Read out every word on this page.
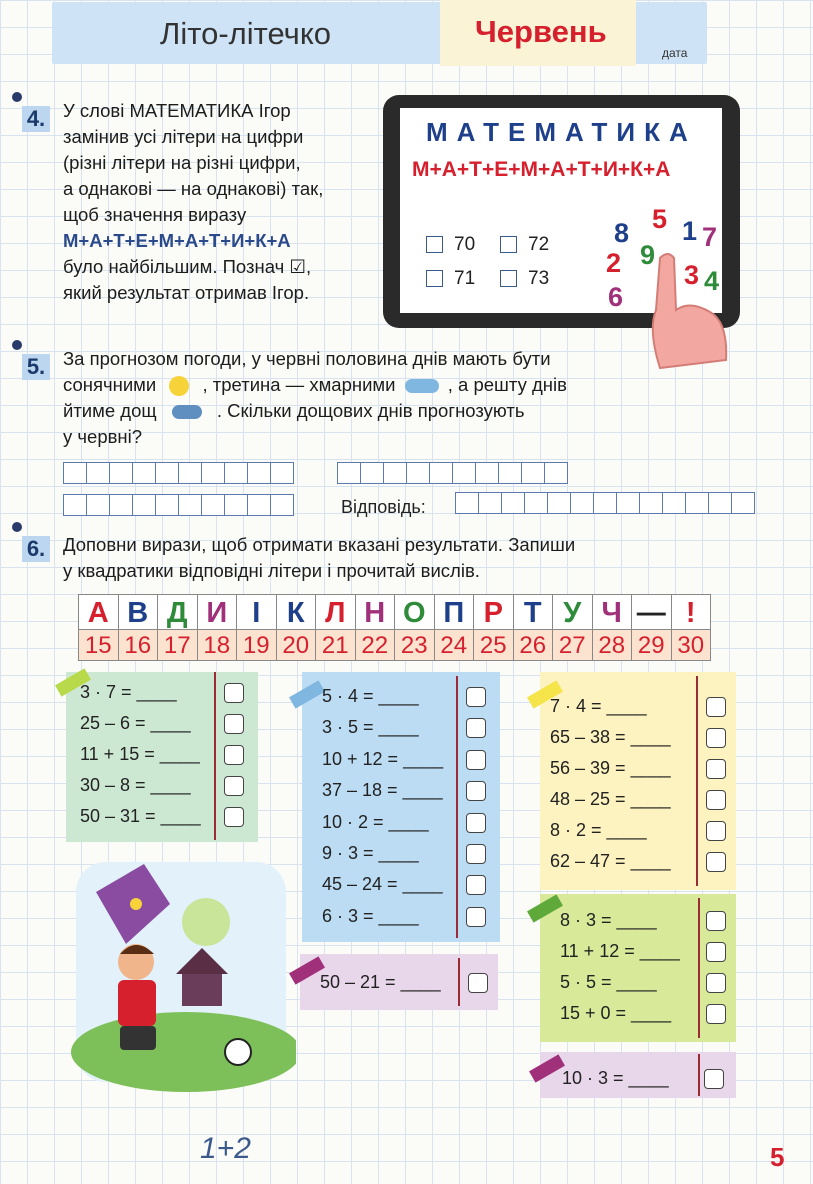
Літо-літечко	Червень
дата
4. У слові МАТЕМАТИКА Ігор
замінив усі літери на цифри
(різні літери на різні цифри,
а однакові — на однакові) так,
щоб значення виразу
М+А+Т+Е+М+А+Т+И+К+А
було найбільшим. Познач ☑,
який результат отримав Ігор.
МАТЕМАТИКА
М+А+Т+Е+М+А+Т+И+К+А
70	72
71	73
8 5 1 7
2 9
3 4
6
5. За прогнозом погоди, у червні половина днів мають бути
сонячними	, третина — хмарними	, а решту днів
йтиме дощ	. Скільки дощових днів прогнозують
у червні?
Відповідь:
6. Доповни вирази, щоб отримати вказані результати. Запиши
у квадратики відповідні літери і прочитай вислів.
А В Д И І К Л Н О П Р Т У Ч — !
15 16 17 18 19 20 21 22 23 24 25 26 27 28 29 30
3 · 7 = ____
25 – 6 = ____
11 + 15 = ____
30 – 8 = ____
50 – 31 = ____
5 · 4 = ____
3 · 5 = ____
10 + 12 = ____
37 – 18 = ____
10 · 2 = ____
9 · 3 = ____
45 – 24 = ____
6 · 3 = ____
50 – 21 = ____
7 · 4 = ____
65 – 38 = ____
56 – 39 = ____
48 – 25 = ____
8 · 2 = ____
62 – 47 = ____
8 · 3 = ____
11 + 12 = ____
5 · 5 = ____
15 + 0 = ____
10 · 3 = ____
1+2	5
